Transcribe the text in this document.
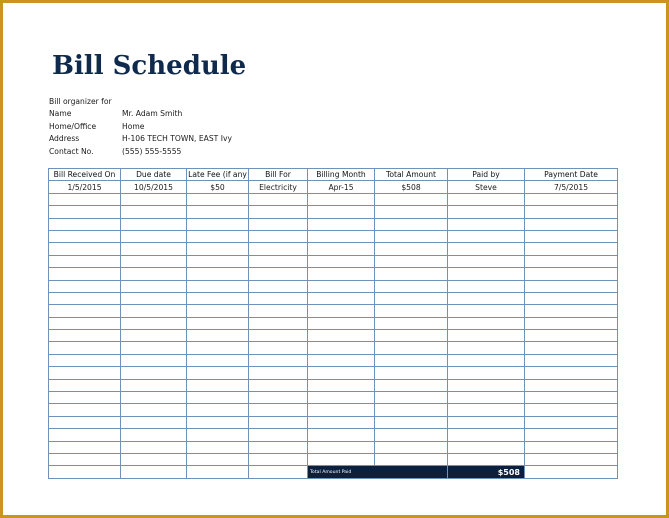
Bill Schedule
Bill organizer for
Name	Mr. Adam Smith
Home/Office	Home
Address	H-106 TECH TOWN, EAST Ivy
Contact No.	(555) 555-5555
Bill Received On	Due date	Late Fee (if any	Bill For	Billing Month	Total Amount	Paid by	Payment Date
1/5/2015	10/5/2015	$50	Electricity	Apr-15	$508	Steve	7/5/2015

				Total Amount Paid		$508	
